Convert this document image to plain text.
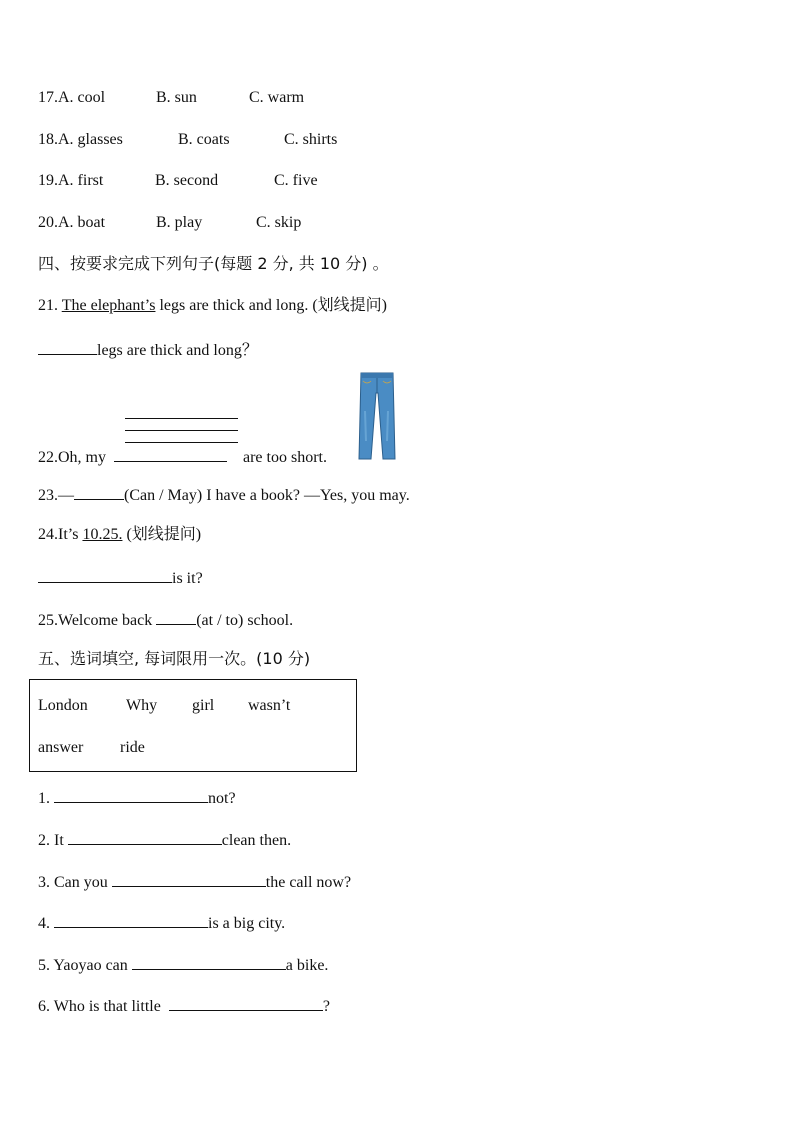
17.A. cool	B. sun	C. warm
18.A. glasses	B. coats	C. shirts
19.A. first	B. second	C. five
20.A. boat	B. play	C. skip
四、按要求完成下列句子(每题 2 分, 共 10 分) 。
21. The elephant’s legs are thick and long. (划线提问)
legs are thick and long？
22.Oh, my	are too short.
23.—	(Can / May) I have a book? —Yes, you may.
24.It’s 10.25. (划线提问)
is it?
25.Welcome back	(at / to) school.
五、选词填空, 每词限用一次。(10 分)
London Why girl wasn’t
answer ride
1.	not?
2. It	clean then.
3. Can you	the call now?
4.	is a big city.
5. Yaoyao can	a bike.
6. Who is that little	?
